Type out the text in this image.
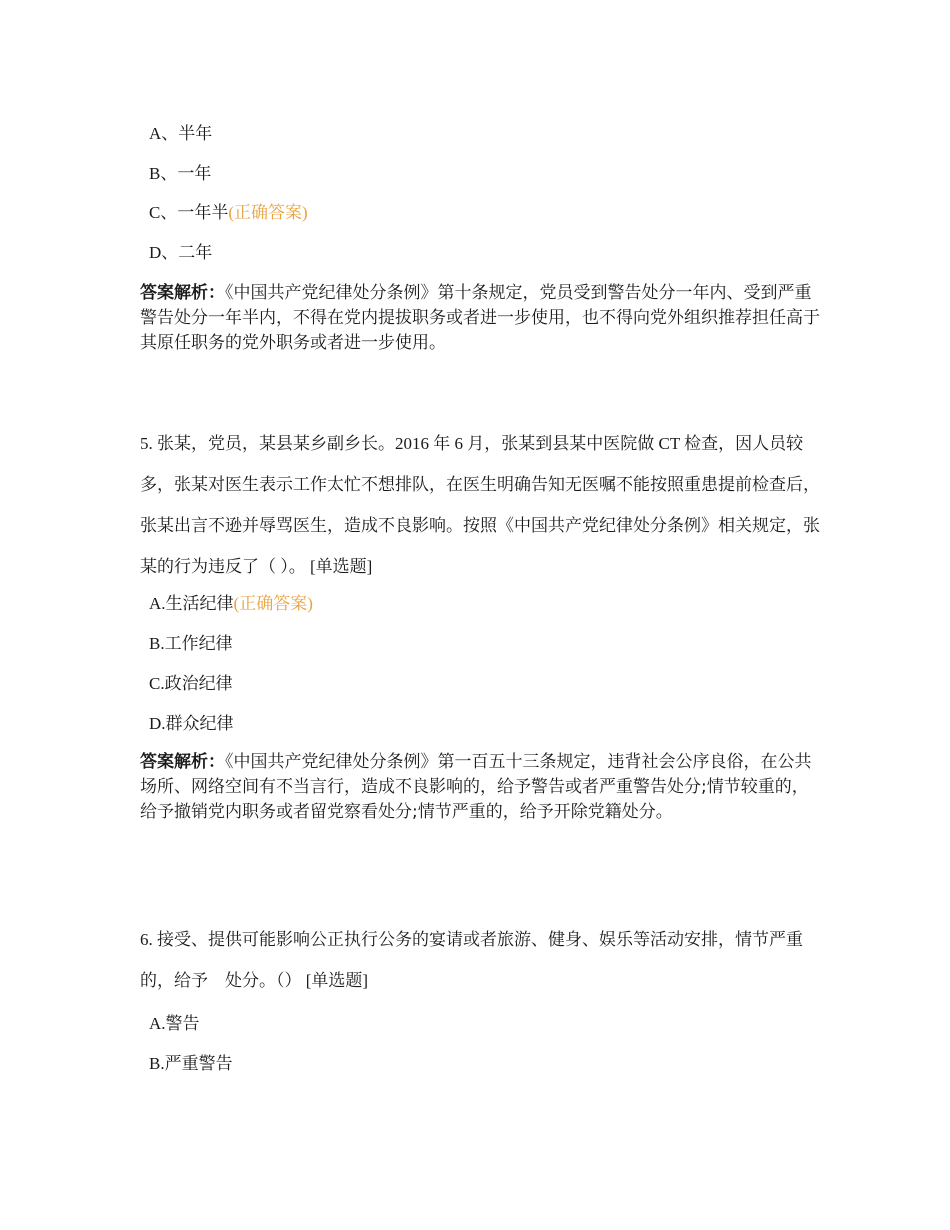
A、半年
B、一年
C、一年半(正确答案)
D、二年
答案解析：《中国共产党纪律处分条例》第十条规定，党员受到警告处分一年内、受到严重警告处分一年半内，不得在党内提拔职务或者进一步使用，也不得向党外组织推荐担任高于其原任职务的党外职务或者进一步使用。
5. 张某，党员，某县某乡副乡长。2016 年 6 月，张某到县某中医院做 CT 检查，因人员较多，张某对医生表示工作太忙不想排队，在医生明确告知无医嘱不能按照重患提前检查后，张某出言不逊并辱骂医生，造成不良影响。按照《中国共产党纪律处分条例》相关规定，张某的行为违反了（ ）。 [单选题]
A.生活纪律(正确答案)
B.工作纪律
C.政治纪律
D.群众纪律
答案解析：《中国共产党纪律处分条例》第一百五十三条规定，违背社会公序良俗，在公共场所、网络空间有不当言行，造成不良影响的，给予警告或者严重警告处分;情节较重的，给予撤销党内职务或者留党察看处分;情节严重的，给予开除党籍处分。
6. 接受、提供可能影响公正执行公务的宴请或者旅游、健身、娱乐等活动安排，情节严重的，给予　处分。（） [单选题]
A.警告
B.严重警告
